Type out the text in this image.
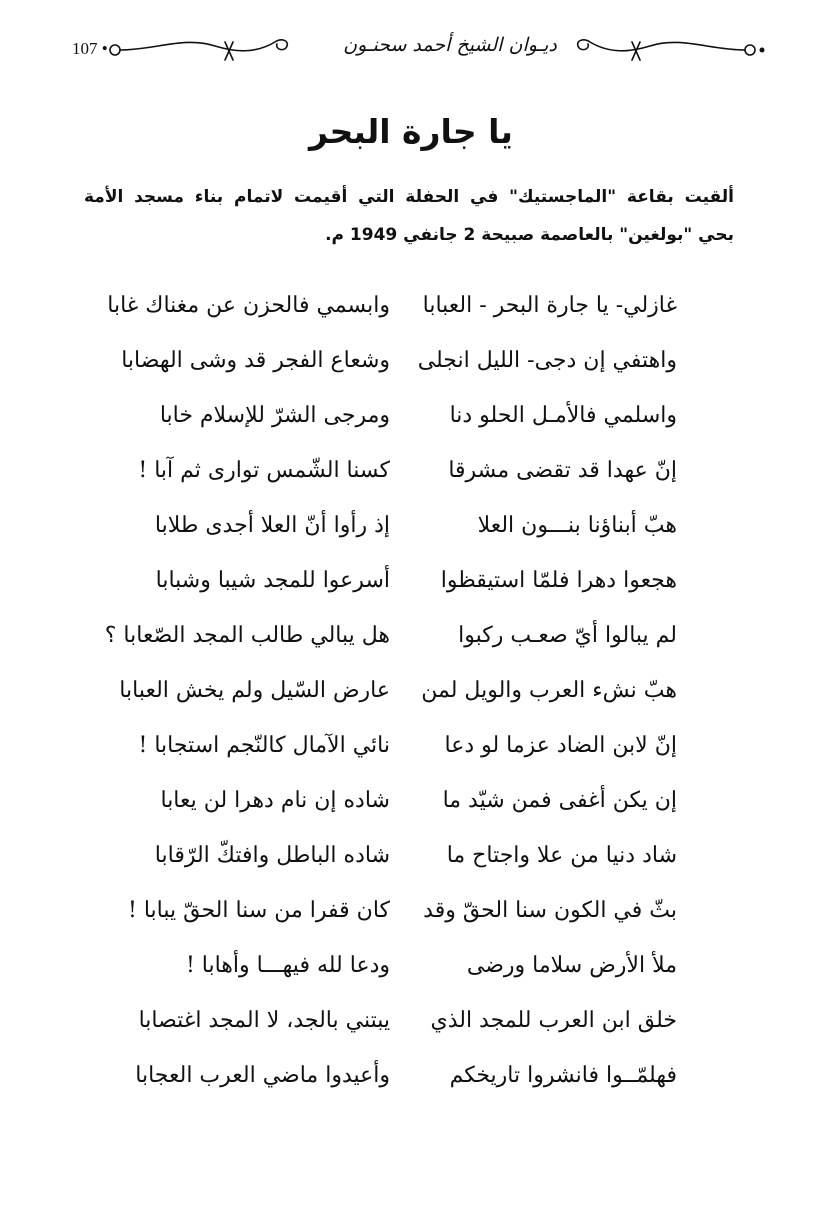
107 •	ديـوان الشيخ أحمد سحنـون
يا جارة البحر
ألقيت بقاعة "الماجستيك" في الحفلة التي أقيمت لاتمام بناء مسجد الأمة
بحي "بولغين" بالعاصمة صبيحة 2 جانفي 1949 م.
غازلي- يا جارة البحر - العبابا
وابسمي فالحزن عن مغناك غابا
واهتفي إن دجى- الليل انجلى
وشعاع الفجر قد وشى الهضابا
واسلمي فالأمـل الحلو دنا
ومرجى الشرّ للإسلام خابا
إنّ عهدا قد تقضى مشرقا
كسنا الشّمس توارى ثم آبا !
هبّ أبناؤنا بنـــون العلا
إذ رأوا أنّ العلا أجدى طلابا
هجعوا دهرا فلمّا استيقظوا
أسرعوا للمجد شيبا وشبابا
لم يبالوا أيّ صعـب ركبوا
هل يبالي طالب المجد الصّعابا ؟
هبّ نشء العرب والويل لمن
عارض السّيل ولم يخش العبابا
إنّ لابن الضاد عزما لو دعا
نائي الآمال كالنّجم استجابا !
إن يكن أغفى فمن شيّد ما
شاده إن نام دهرا لن يعابا
شاد دنيا من علا واجتاح ما
شاده الباطل وافتكّ الرّقابا
بثّ في الكون سنا الحقّ وقد
كان قفرا من سنا الحقّ يبابا !
ملأ الأرض سلاما ورضى
ودعا لله فيهـــا وأهابا !
خلق ابن العرب للمجد الذي
يبتني بالجد، لا المجد اغتصابا
فهلمّــوا فانشروا تاريخكم
وأعيدوا ماضي العرب العجابا
